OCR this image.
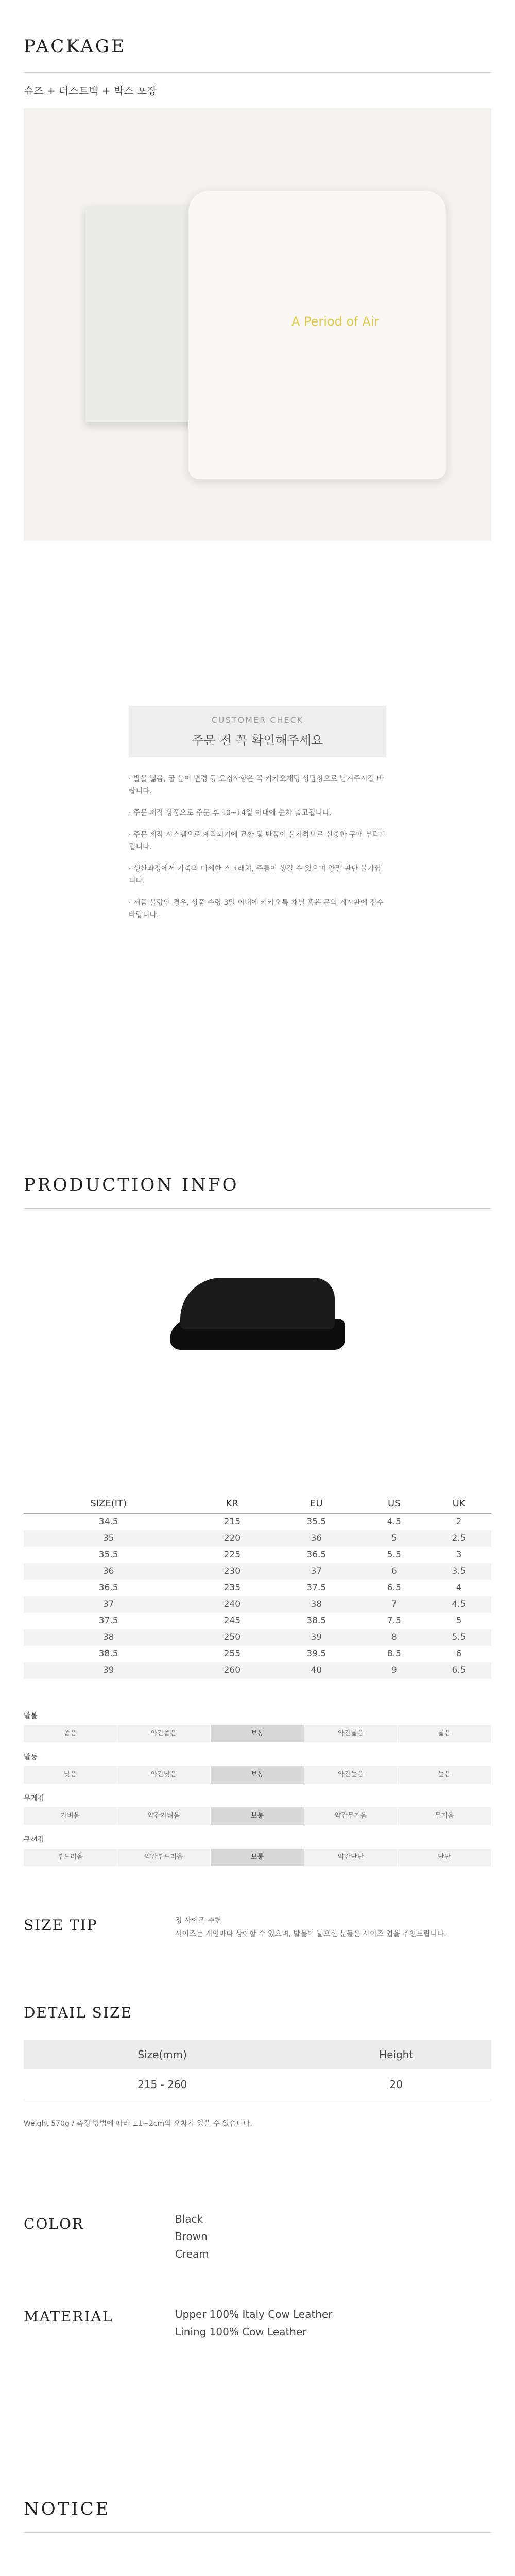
PACKAGE
슈즈 + 더스트백 + 박스 포장
A Period of Air
CUSTOMER CHECK
주문 전 꼭 확인해주세요
· 발볼 넓음, 굽 높이 변경 등 요청사항은 꼭 카카오채팅 상담창으로 남겨주시길 바랍니다.
· 주문 제작 상품으로 주문 후 10~14일 이내에 순차 출고됩니다.
· 주문 제작 시스템으로 제작되기에 교환 및 반품이 불가하므로 신중한 구매 부탁드립니다.
· 생산과정에서 가죽의 미세한 스크래치, 주름이 생길 수 있으며 양말 판단 불가합니다.
· 제품 불량인 경우, 상품 수령 3일 이내에 카카오톡 채널 혹은 문의 게시판에 접수 바랍니다.
PRODUCTION INFO
SIZE(IT)	KR	EU	US	UK
34.5	215	35.5	4.5	2
35	220	36	5	2.5
35.5	225	36.5	5.5	3
36	230	37	6	3.5
36.5	235	37.5	6.5	4
37	240	38	7	4.5
37.5	245	38.5	7.5	5
38	250	39	8	5.5
38.5	255	39.5	8.5	6
39	260	40	9	6.5
발볼
좁음	약간좁음	보통	약간넓음	넓음
발등
낮음	약간낮음	보통	약간높음	높음
무게감
가벼움	약간가벼움	보통	약간무거움	무거움
쿠션감
부드러움	약간부드러움	보통	약간단단	단단
SIZE TIP	정 사이즈 추천
사이즈는 개인마다 상이할 수 있으며, 발볼이 넓으신 분들은 사이즈 업을 추천드립니다.
DETAIL SIZE
Size(mm)	Height
215 - 260	20
Weight 570g / 측정 방법에 따라 ±1~2cm의 오차가 있을 수 있습니다.
COLOR	Black
Brown
Cream
MATERIAL	Upper 100% Italy Cow Leather
Lining 100% Cow Leather
NOTICE
